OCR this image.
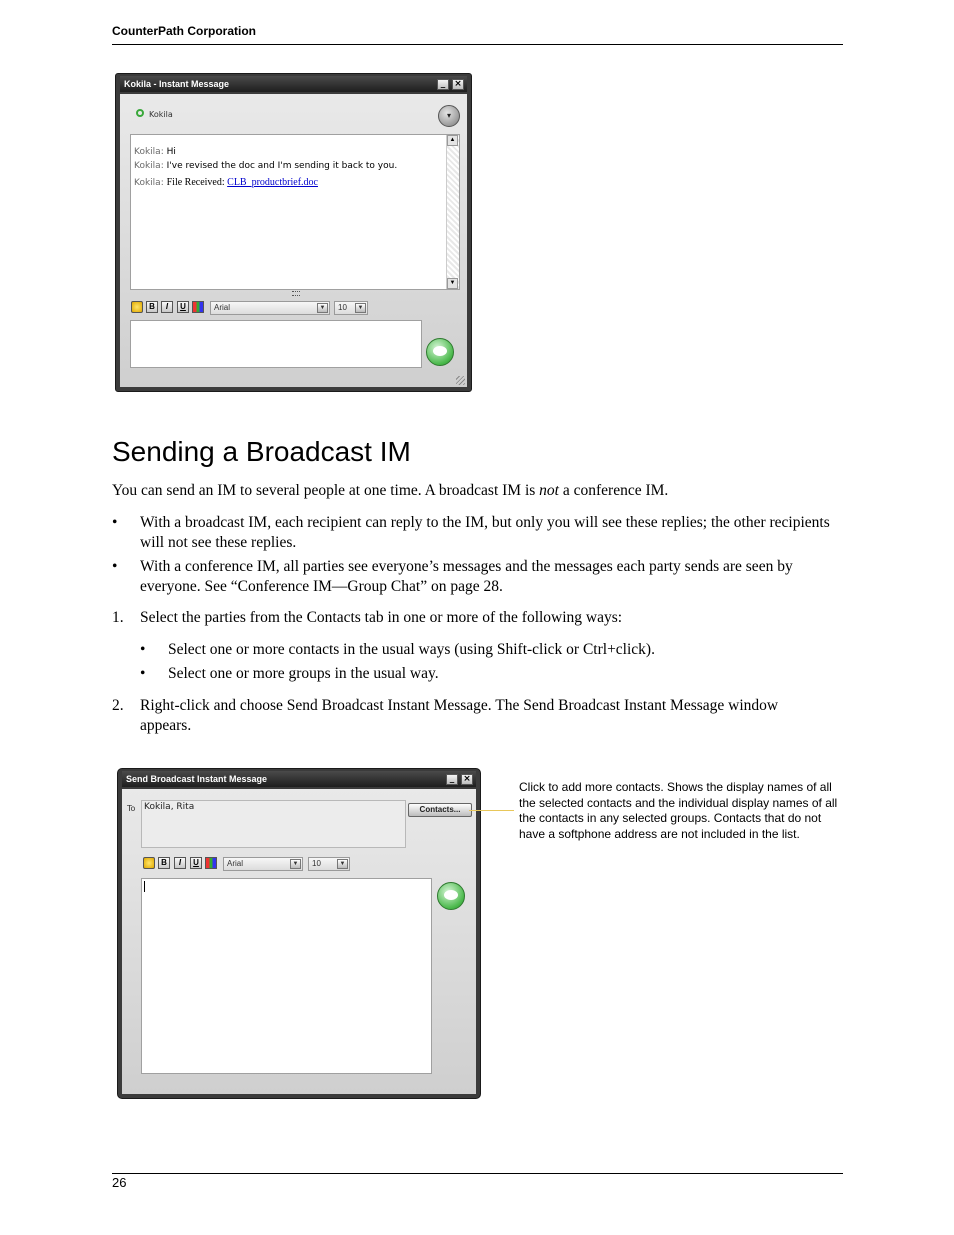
CounterPath Corporation
Kokila - Instant Message	_ ×
Kokila	▾
Kokila: Hi
Kokila: I've revised the doc and I'm sending it back to you.
Kokila: File Received: CLB_productbrief.doc
▲
▼
B	I	U	Arial	▼	10	▼
Sending a Broadcast IM
You can send an IM to several people at one time. A broadcast IM is not a conference IM.
• With a broadcast IM, each recipient can reply to the IM, but only you will see these replies; the other recipients will not see these replies.
• With a conference IM, all parties see everyone’s messages and the messages each party sends are seen by everyone. See “Conference IM—Group Chat” on page 28.
1. Select the parties from the Contacts tab in one or more of the following ways:
• Select one or more contacts in the usual ways (using Shift-click or Ctrl+click).
• Select one or more groups in the usual way.
2. Right-click and choose Send Broadcast Instant Message. The Send Broadcast Instant Message window appears.
Send Broadcast Instant Message	_ ×
To Kokila, Rita	Contacts...
B	I	U	Arial	▼	10	▼
Click to add more contacts. Shows the display names of all the selected contacts and the individual display names of all the contacts in any selected groups. Contacts that do not have a softphone address are not included in the list.
26
